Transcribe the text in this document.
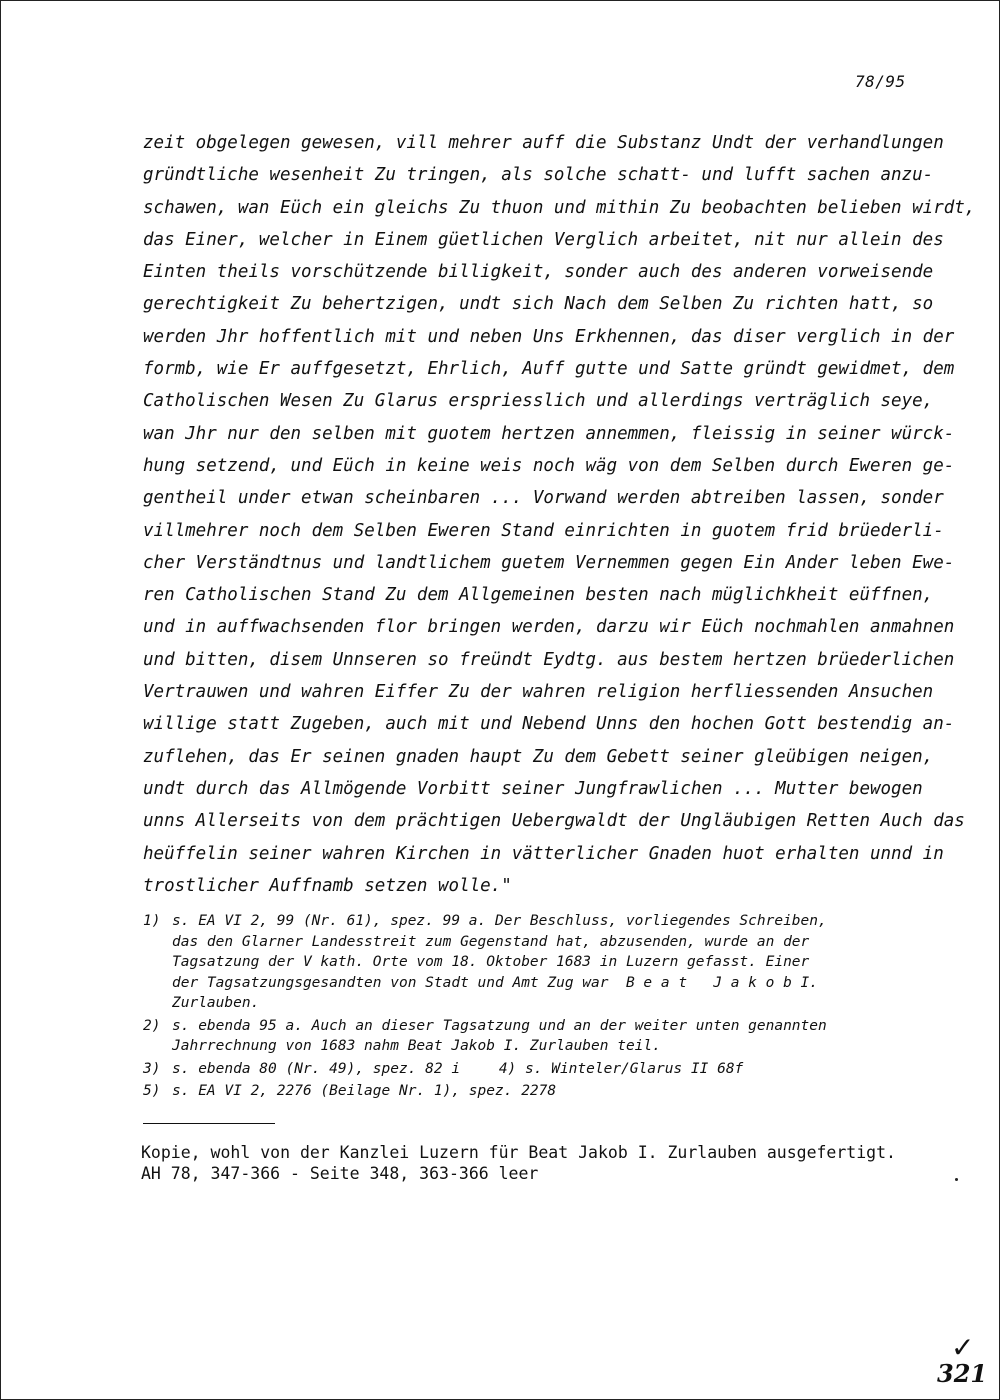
78/95
zeit obgelegen gewesen, vill mehrer auff die Substanz Undt der verhandlungen
gründtliche wesenheit Zu tringen, als solche schatt- und lufft sachen anzu-
schawen, wan Eüch ein gleichs Zu thuon und mithin Zu beobachten belieben wirdt,
das Einer, welcher in Einem güetlichen Verglich arbeitet, nit nur allein des
Einten theils vorschützende billigkeit, sonder auch des anderen vorweisende
gerechtigkeit Zu behertzigen, undt sich Nach dem Selben Zu richten hatt, so
werden Jhr hoffentlich mit und neben Uns Erkhennen, das diser verglich in der
formb, wie Er auffgesetzt, Ehrlich, Auff gutte und Satte gründt gewidmet, dem
Catholischen Wesen Zu Glarus erspriesslich und allerdings verträglich seye,
wan Jhr nur den selben mit guotem hertzen annemmen, fleissig in seiner würck-
hung setzend, und Eüch in keine weis noch wäg von dem Selben durch Eweren ge-
gentheil under etwan scheinbaren ... Vorwand werden abtreiben lassen, sonder
villmehrer noch dem Selben Eweren Stand einrichten in guotem frid brüederli-
cher Verständtnus und landtlichem guetem Vernemmen gegen Ein Ander leben Ewe-
ren Catholischen Stand Zu dem Allgemeinen besten nach müglichkheit eüffnen,
und in auffwachsenden flor bringen werden, darzu wir Eüch nochmahlen anmahnen
und bitten, disem Unnseren so freündt Eydtg. aus bestem hertzen brüederlichen
Vertrauwen und wahren Eiffer Zu der wahren religion herfliessenden Ansuchen
willige statt Zugeben, auch mit und Nebend Unns den hochen Gott bestendig an-
zuflehen, das Er seinen gnaden haupt Zu dem Gebett seiner gleübigen neigen,
undt durch das Allmögende Vorbitt seiner Jungfrawlichen ... Mutter bewogen
unns Allerseits von dem prächtigen Uebergwaldt der Ungläubigen Retten Auch das
heüffelin seiner wahren Kirchen in vätterlicher Gnaden huot erhalten unnd in
trostlicher Auffnamb setzen wolle."
1) s. EA VI 2, 99 (Nr. 61), spez. 99 a. Der Beschluss, vorliegendes Schreiben,
das den Glarner Landesstreit zum Gegenstand hat, abzusenden, wurde an der
Tagsatzung der V kath. Orte vom 18. Oktober 1683 in Luzern gefasst. Einer
der Tagsatzungsgesandten von Stadt und Amt Zug war  B e a t   J a k o b I.
Zurlauben.
2) s. ebenda 95 a. Auch an dieser Tagsatzung und an der weiter unten genannten
Jahrrechnung von 1683 nahm Beat Jakob I. Zurlauben teil.
3) s. ebenda 80 (Nr. 49), spez. 82 i	4) s. Winteler/Glarus II 68f
5) s. EA VI 2, 2276 (Beilage Nr. 1), spez. 2278
Kopie, wohl von der Kanzlei Luzern für Beat Jakob I. Zurlauben ausgefertigt.
AH 78, 347-366 - Seite 348, 363-366 leer
✓
321
